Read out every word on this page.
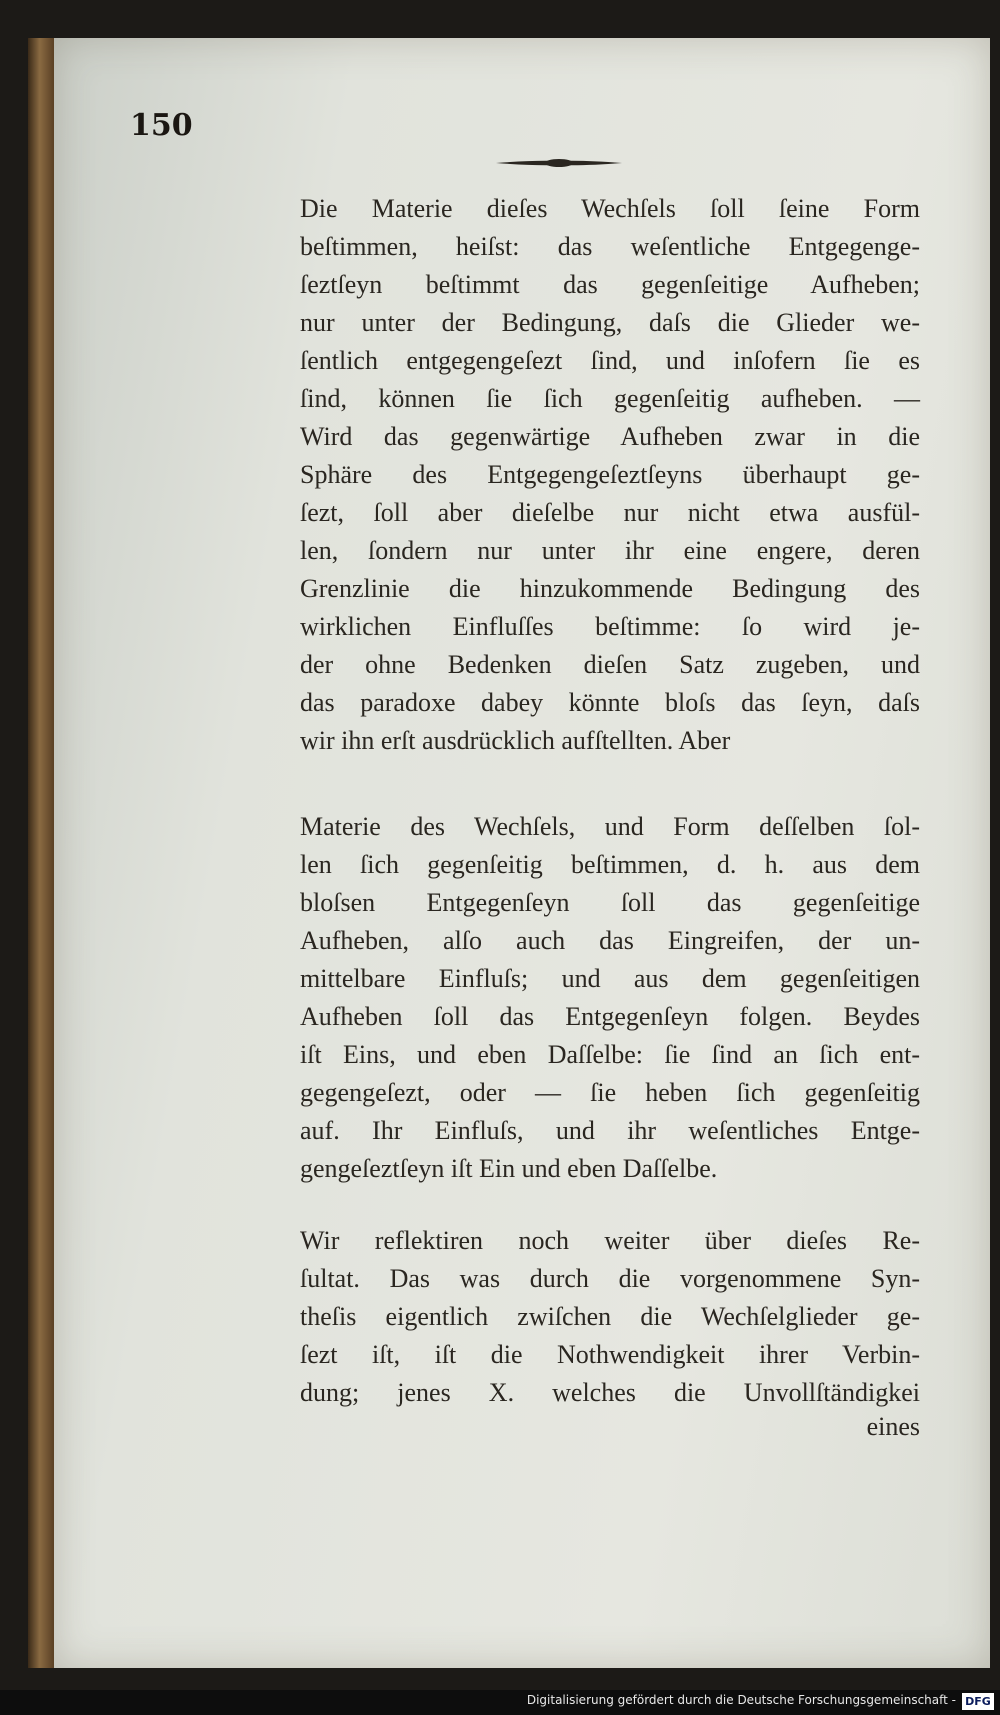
150
Die Materie dieſes Wechſels ſoll ſeine Form
beſtimmen, heiſst: das weſentliche Entgegenge-
ſeztſeyn beſtimmt das gegenſeitige Aufheben;
nur unter der Bedingung, daſs die Glieder we-
ſentlich entgegengeſezt ſind, und inſofern ſie es
ſind, können ſie ſich gegenſeitig aufheben. —
Wird das gegenwärtige Aufheben zwar in die
Sphäre des Entgegengeſeztſeyns überhaupt ge-
ſezt, ſoll aber dieſelbe nur nicht etwa ausfül-
len, ſondern nur unter ihr eine engere, deren
Grenzlinie die hinzukommende Bedingung des
wirklichen Einfluſſes beſtimme: ſo wird je-
der ohne Bedenken dieſen Satz zugeben, und
das paradoxe dabey könnte bloſs das ſeyn, daſs
wir ihn erſt ausdrücklich aufſtellten. Aber
Materie des Wechſels, und Form deſſelben ſol-
len ſich gegenſeitig beſtimmen, d. h. aus dem
bloſsen Entgegenſeyn ſoll das gegenſeitige
Aufheben, alſo auch das Eingreifen, der un-
mittelbare Einfluſs; und aus dem gegenſeitigen
Aufheben ſoll das Entgegenſeyn folgen. Beydes
iſt Eins, und eben Daſſelbe: ſie ſind an ſich ent-
gegengeſezt, oder — ſie heben ſich gegenſeitig
auf. Ihr Einfluſs, und ihr weſentliches Entge-
gengeſeztſeyn iſt Ein und eben Daſſelbe.
Wir reflektiren noch weiter über dieſes Re-
ſultat. Das was durch die vorgenommene Syn-
theſis eigentlich zwiſchen die Wechſelglieder ge-
ſezt iſt, iſt die Nothwendigkeit ihrer Verbin-
dung; jenes X. welches die Unvollſtändigkei
eines
Digitalisierung gefördert durch die Deutsche Forschungsgemeinschaft - DFG
